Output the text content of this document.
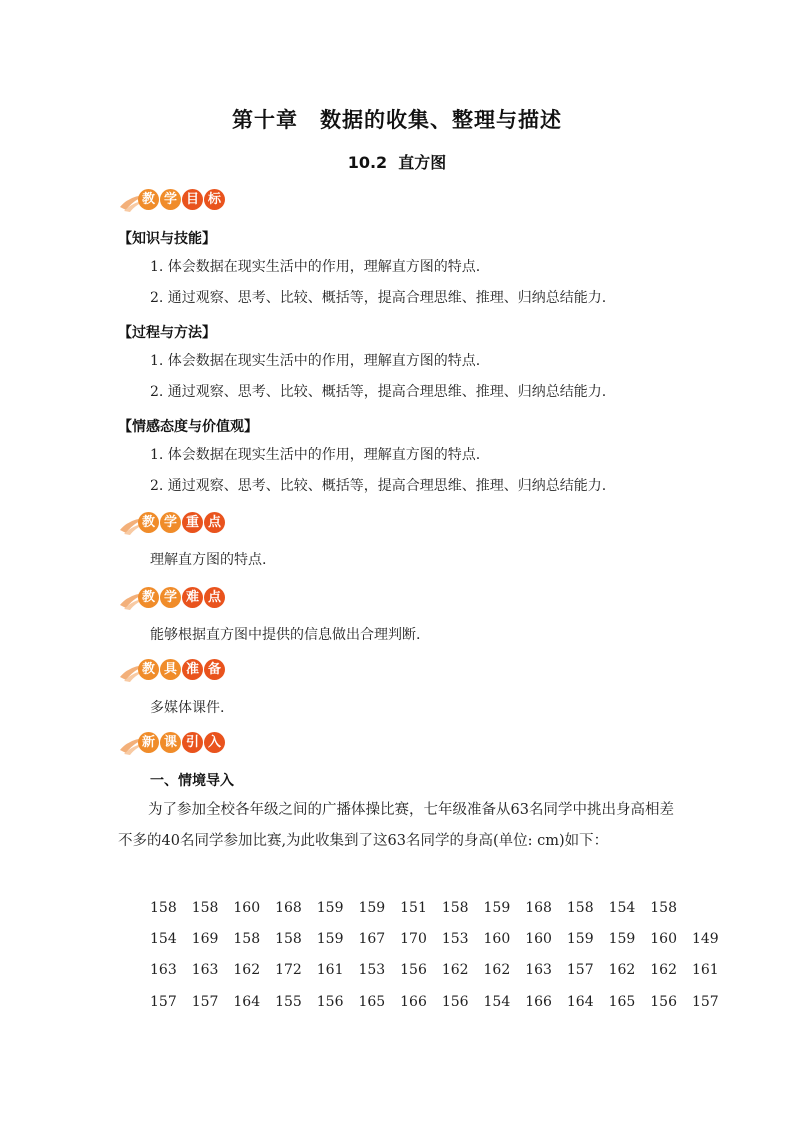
第十章　数据的收集、整理与描述
10.2  直方图
教 学 目 标
【知识与技能】
1. 体会数据在现实生活中的作用，理解直方图的特点.
2. 通过观察、思考、比较、概括等，提高合理思维、推理、归纳总结能力.
【过程与方法】
1. 体会数据在现实生活中的作用，理解直方图的特点.
2. 通过观察、思考、比较、概括等，提高合理思维、推理、归纳总结能力.
【情感态度与价值观】
1. 体会数据在现实生活中的作用，理解直方图的特点.
2. 通过观察、思考、比较、概括等，提高合理思维、推理、归纳总结能力.
教 学 重 点
理解直方图的特点.
教 学 难 点
能够根据直方图中提供的信息做出合理判断.
教 具 准 备
多媒体课件.
新 课 引 入
一、情境导入
为了参加全校各年级之间的广播体操比赛，七年级准备从63名同学中挑出身高相差不多的40名同学参加比赛,为此收集到了这63名同学的身高(单位: cm)如下：
158	158	160	168	159	159	151	158	159	168	158	154	158	
154	169	158	158	159	167	170	153	160	160	159	159	160	149
163	163	162	172	161	153	156	162	162	163	157	162	162	161
157	157	164	155	156	165	166	156	154	166	164	165	156	157
